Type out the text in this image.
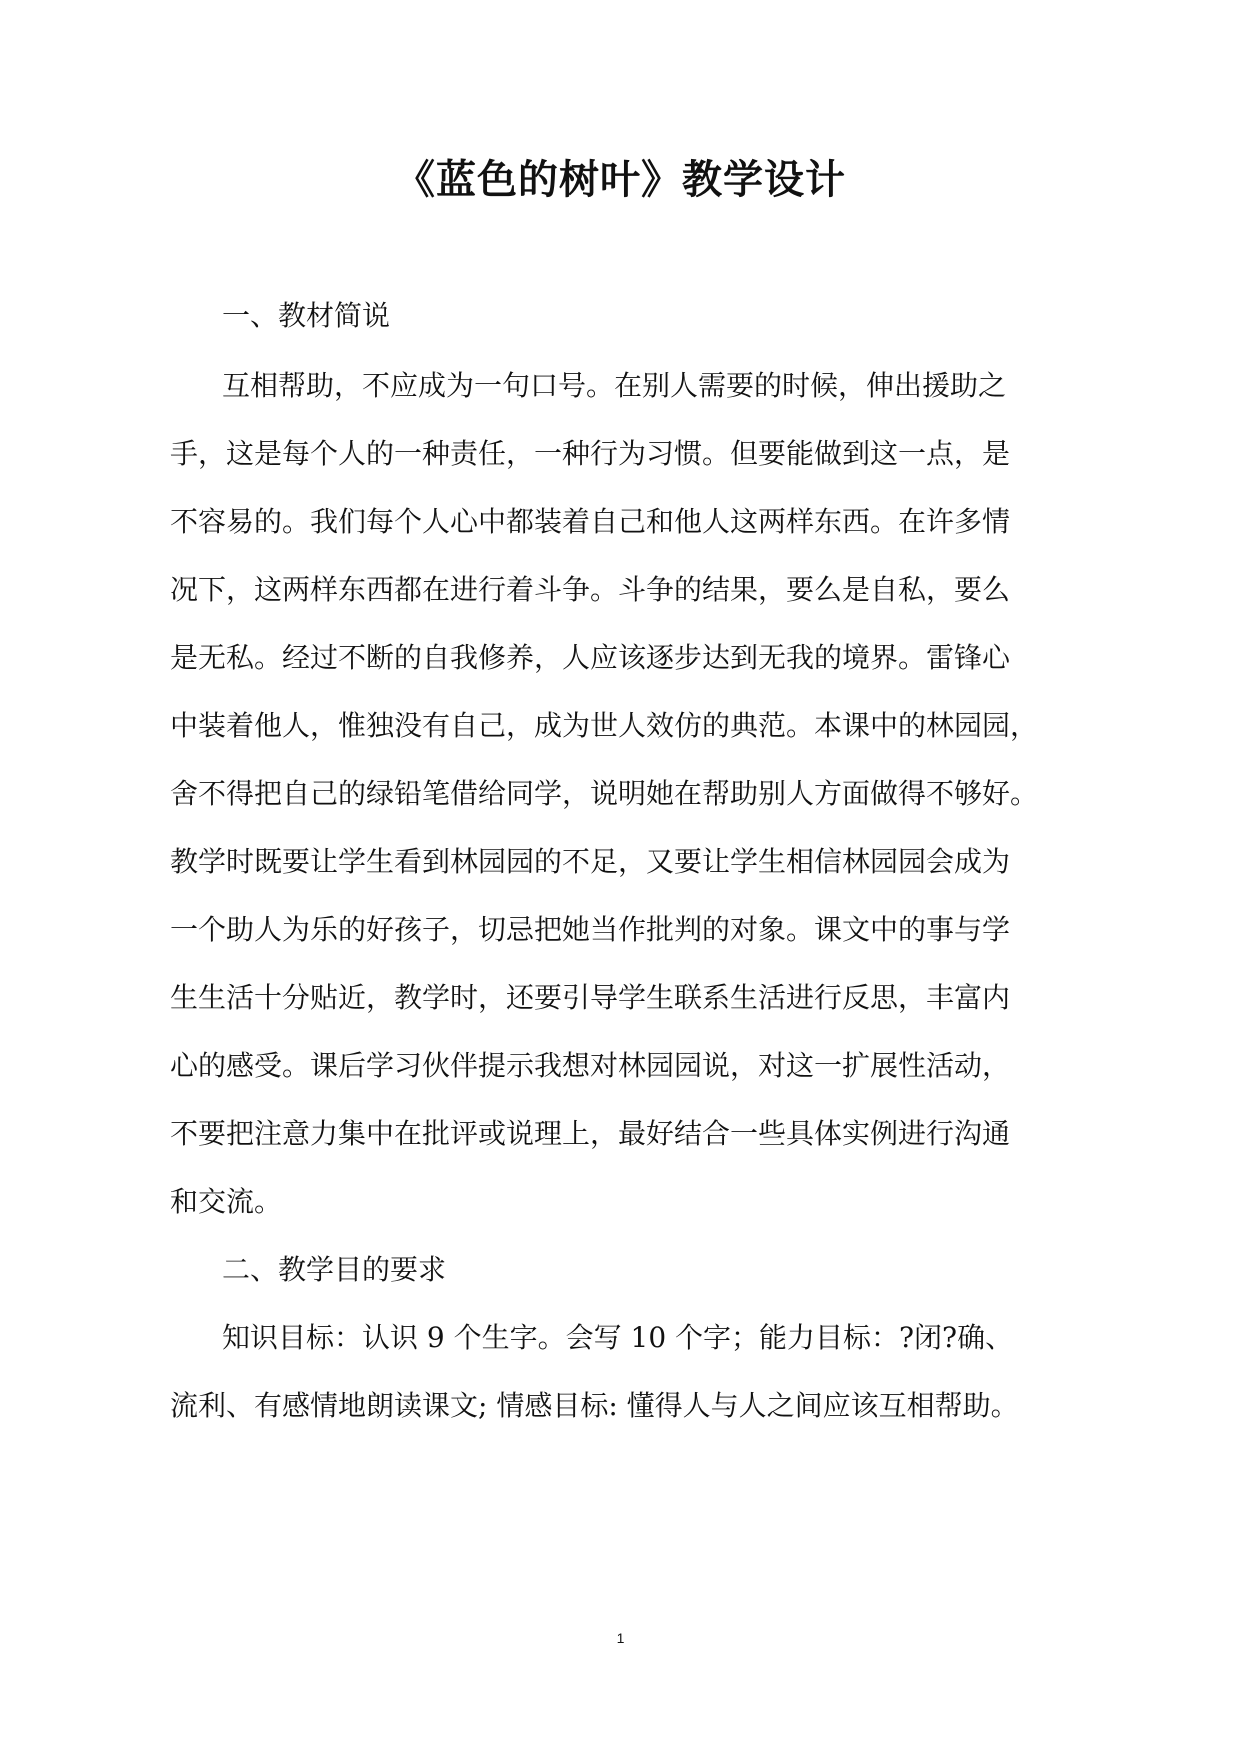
《蓝色的树叶》教学设计
一、教材简说
互相帮助，不应成为一句口号。在别人需要的时候，伸出援助之
手，这是每个人的一种责任，一种行为习惯。但要能做到这一点，是
不容易的。我们每个人心中都装着自己和他人这两样东西。在许多情
况下，这两样东西都在进行着斗争。斗争的结果，要么是自私，要么
是无私。经过不断的自我修养，人应该逐步达到无我的境界。雷锋心
中装着他人，惟独没有自己，成为世人效仿的典范。本课中的林园园，
舍不得把自己的绿铅笔借给同学，说明她在帮助别人方面做得不够好。
教学时既要让学生看到林园园的不足，又要让学生相信林园园会成为
一个助人为乐的好孩子，切忌把她当作批判的对象。课文中的事与学
生生活十分贴近，教学时，还要引导学生联系生活进行反思，丰富内
心的感受。课后学习伙伴提示我想对林园园说，对这一扩展性活动，
不要把注意力集中在批评或说理上，最好结合一些具体实例进行沟通
和交流。
二、教学目的要求
知识目标：认识 9 个生字。会写 10 个字；能力目标：?闭?确、
流利、有感情地朗读课文; 情感目标: 懂得人与人之间应该互相帮助。
1
